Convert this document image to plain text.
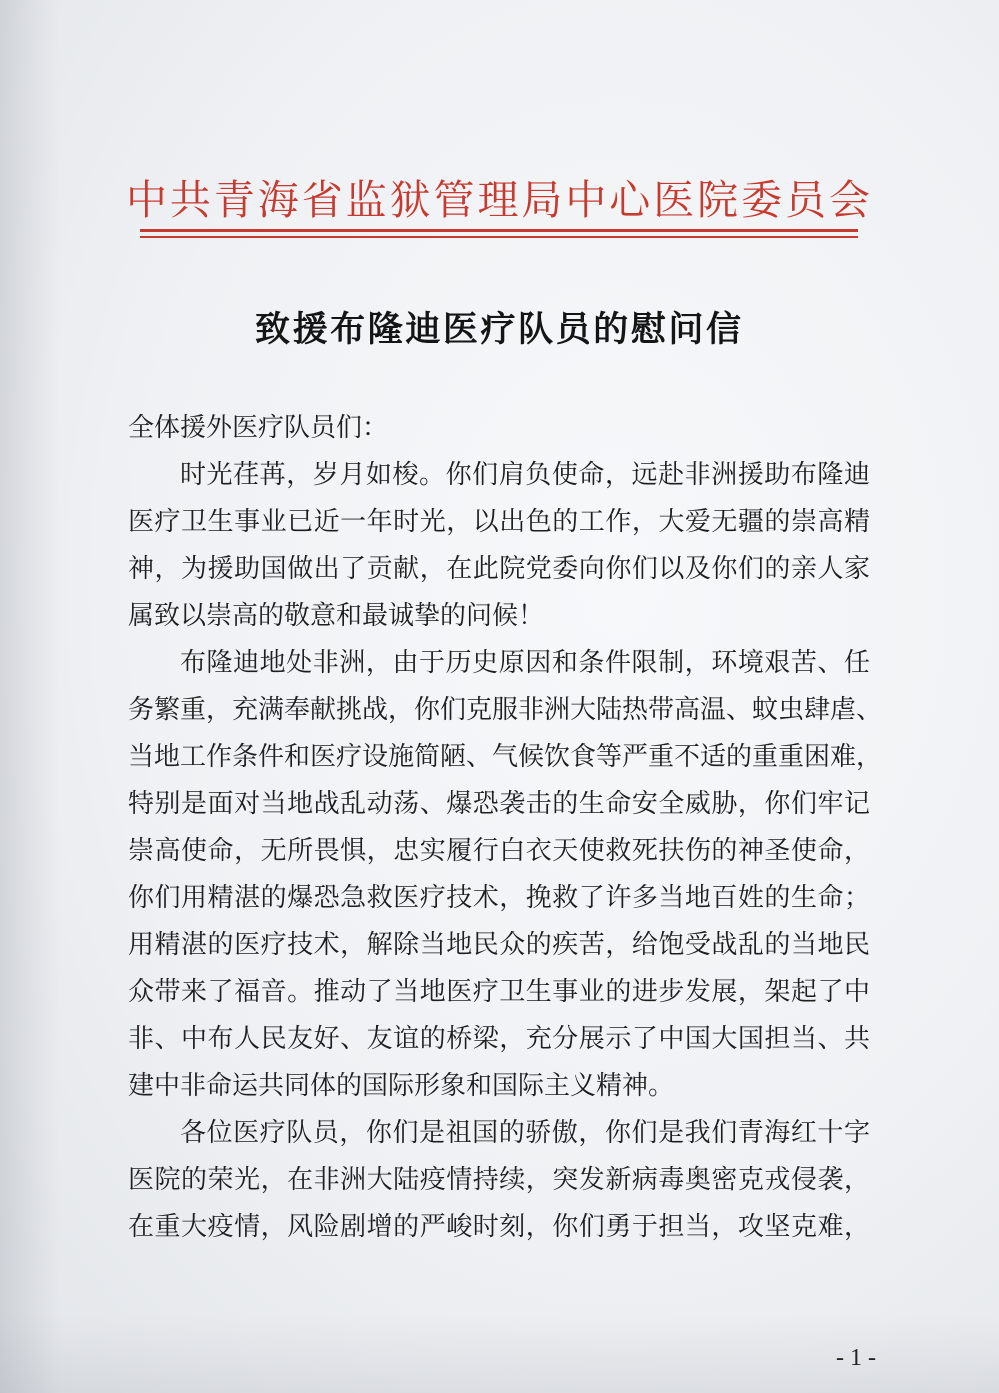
中共青海省监狱管理局中心医院委员会
致援布隆迪医疗队员的慰问信
全体援外医疗队员们：
时光荏苒，岁月如梭。你们肩负使命，远赴非洲援助布隆迪
医疗卫生事业已近一年时光，以出色的工作，大爱无疆的崇高精
神，为援助国做出了贡献，在此院党委向你们以及你们的亲人家
属致以崇高的敬意和最诚挚的问候！
布隆迪地处非洲，由于历史原因和条件限制，环境艰苦、任
务繁重，充满奉献挑战，你们克服非洲大陆热带高温、蚊虫肆虐、
当地工作条件和医疗设施简陋、气候饮食等严重不适的重重困难，
特别是面对当地战乱动荡、爆恐袭击的生命安全威胁，你们牢记
崇高使命，无所畏惧，忠实履行白衣天使救死扶伤的神圣使命，
你们用精湛的爆恐急救医疗技术，挽救了许多当地百姓的生命；
用精湛的医疗技术，解除当地民众的疾苦，给饱受战乱的当地民
众带来了福音。推动了当地医疗卫生事业的进步发展，架起了中
非、中布人民友好、友谊的桥梁，充分展示了中国大国担当、共
建中非命运共同体的国际形象和国际主义精神。
各位医疗队员，你们是祖国的骄傲，你们是我们青海红十字
医院的荣光，在非洲大陆疫情持续，突发新病毒奥密克戎侵袭，
在重大疫情，风险剧增的严峻时刻，你们勇于担当，攻坚克难，
- 1 -
